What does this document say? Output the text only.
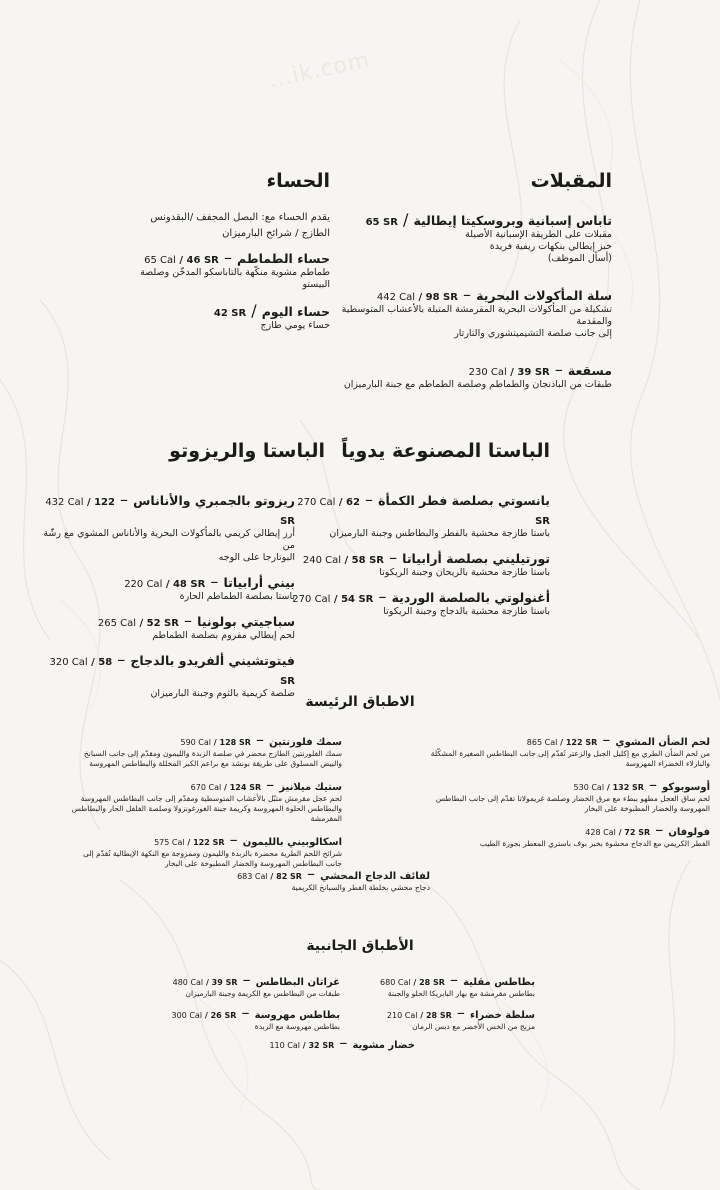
...ik.com
المقبلات
تاباس إسبانية وبروسكيتا إيطالية / 65 SR
مقبلات على الطريقة الإسبانية الأصيلة
خبز إيطالي بنكهات ريفية فريدة
(أسأل الموظف)
سلة المأكولات البحرية – 442 Cal / 98 SR
تشكيلة من المأكولات البحرية المقرمشة المتبلة بالأعشاب المتوسطية والمقدمة
إلى جانب صلصة التشيميتشوري والتارتار
مسقعة – 230 Cal / 39 SR
طبقات من الباذنجان والطماطم وصلصة الطماطم مع جبنة البارميزان
الحساء
يقدم الحساء مع: البصل المجفف /البقدونس
الطازج / شرائح البارميزان
حساء الطماطم – 65 Cal / 46 SR
طماطم مشوية منكّهة بالتاباسكو المدخّن وصلصة
البيستو
حساء اليوم / 42 SR
حساء يومي طازج
الباستا المصنوعة يدوياً
بانسوتي بصلصة فطر الكمأة – 270 Cal / 62 SR
باستا طازجة محشية بالفطر والبطاطس وجبنة البارميزان
تورتيليني بصلصة أرابياتا – 240 Cal / 58 SR
باستا طازجة محشية بالريحان وجبنة الريكوتا
أغنولوتي بالصلصة الوردية – 270 Cal / 54 SR
باستا طازجة محشية بالدجاج وجبنة الريكوتا
الباستا والريزوتو
ريزوتو بالجمبري والأناناس – 432 Cal / 122 SR
أرز إيطالي كريمي بالمأكولات البحرية والأناناس المشوي مع رشّة من
البوتارجا على الوجه
بيني أرابياتا – 220 Cal / 48 SR
باستا بصلصة الطماطم الحارة
سباجيتي بولونيا – 265 Cal / 52 SR
لحم إيطالي مفروم بصلصة الطماطم
فيتوتشيني ألفريدو بالدجاج – 320 Cal / 58 SR
صلصة كريمية بالثوم وجبنة البارميزان
الاطباق الرئيسة
لحم الضأن المشوي – 865 Cal / 122 SR
من لحم الضأن الطري مع إكليل الجبل والزعتر تُقدّم إلى جانب البطاطس الصغيرة المشكّلة
والبازلاء الخضراء المهروسة
أوسوبوكو – 530 Cal / 132 SR
لحم ساق العجل مطهو ببطء مع مرق الخضار وصلصة غريمولاتا تقدّم إلى جانب البطاطس
المهروسة والخضار المطبوخة على البخار
فولوفان – 428 Cal / 72 SR
الفطر الكريمي مع الدجاج محشوة بخبز بوف باستري المعطر بجوزة الطيب
سمك فلورنتين – 590 Cal / 128 SR
سمك الفلورنتين الطازج محضر في صلصة الزبدة والليمون ومقدّم إلى جانب السبانخ
والبيض المسلوق على طريقة بونشد مع براعم الكبر المخللة والبطاطس المهروسة
ستيك ميلانيز – 670 Cal / 124 SR
لحم عجل مقرمش متبّل بالأعشاب المتوسطية ومقدّم إلى جانب البطاطس المهروسة
والبطاطس الحلوة المهروسة وكريمة جبنة الغورغونزولا وصلصة الفلفل الحار والبطاطس
المقرمشة
اسكالوبيني بالليمون – 575 Cal / 122 SR
شرائح اللحم الطرية محضرة بالزبدة والليمون وممزوجة مع النكهة الإيطالية تُقدّم إلى
جانب البطاطس المهروسة والخضار المطبوخة على البخار
لفائف الدجاج المحشي – 683 Cal / 82 SR
دجاج محشي بخلطة الفطر والسبانخ الكريمية
الأطباق الجانبية
بطاطس مقلية – 680 Cal / 28 SR
بطاطس مقرمشة مع بهار البابريكا الحلو والجبنة
سلطة خضراء – 210 Cal / 28 SR
مزيج من الخس الأخضر مع دبس الرمان
غراتان البطاطس – 480 Cal / 39 SR
طبقات من البطاطس مع الكريمة وجبنة البارميزان
بطاطس مهروسة – 300 Cal / 26 SR
بطاطس مهروسة مع الزبدة
خضار مشوية – 110 Cal / 32 SR
